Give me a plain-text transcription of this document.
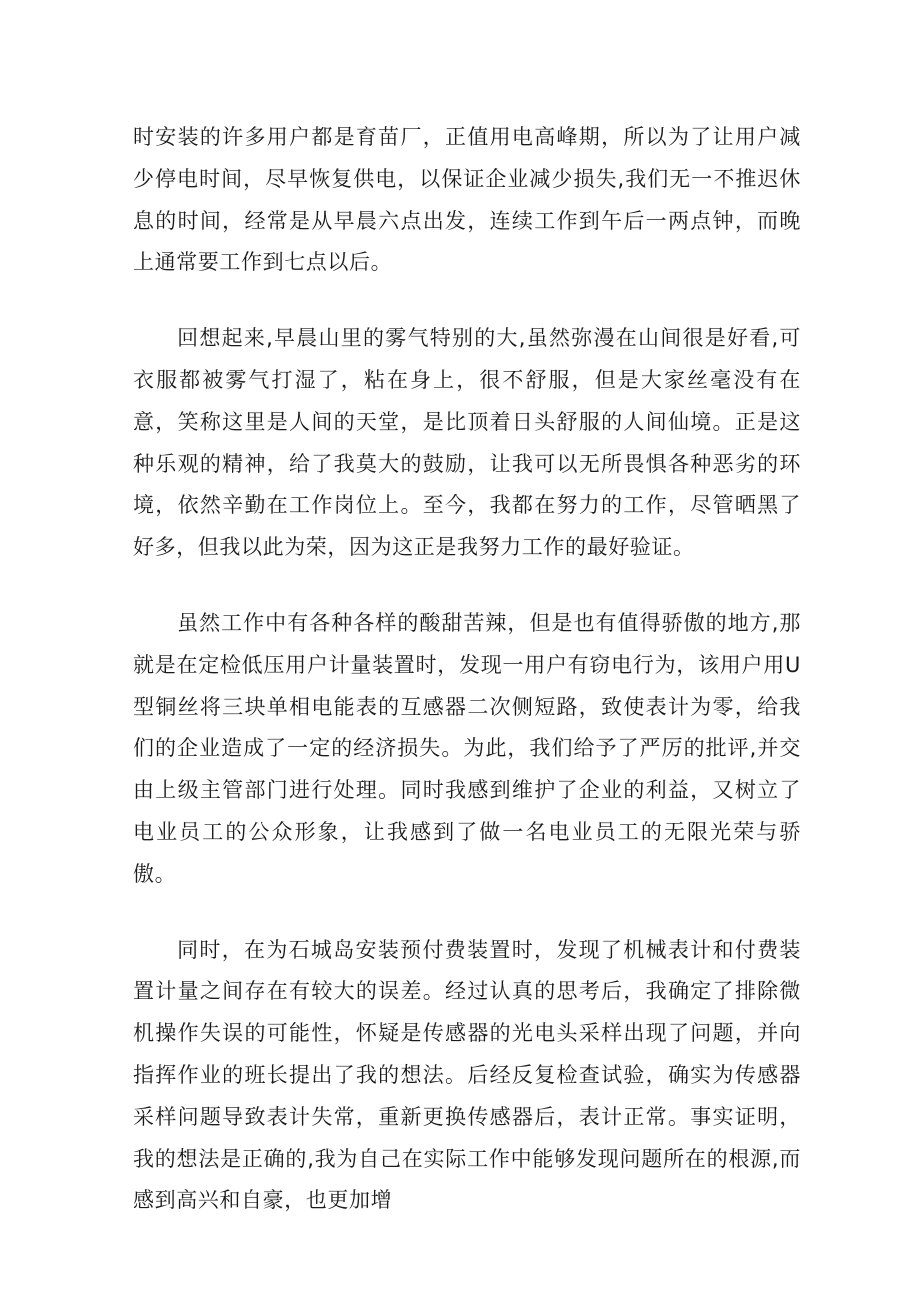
时安装的许多用户都是育苗厂，正值用电高峰期，所以为了让用户减少停电时间，尽早恢复供电，以保证企业减少损失,我们无一不推迟休息的时间，经常是从早晨六点出发，连续工作到午后一两点钟，而晚上通常要工作到七点以后。

回想起来,早晨山里的雾气特别的大,虽然弥漫在山间很是好看,可衣服都被雾气打湿了，粘在身上，很不舒服，但是大家丝毫没有在意，笑称这里是人间的天堂，是比顶着日头舒服的人间仙境。正是这种乐观的精神，给了我莫大的鼓励，让我可以无所畏惧各种恶劣的环境，依然辛勤在工作岗位上。至今，我都在努力的工作，尽管晒黑了好多，但我以此为荣，因为这正是我努力工作的最好验证。

虽然工作中有各种各样的酸甜苦辣，但是也有值得骄傲的地方,那就是在定检低压用户计量装置时，发现一用户有窃电行为，该用户用U型铜丝将三块单相电能表的互感器二次侧短路，致使表计为零，给我们的企业造成了一定的经济损失。为此，我们给予了严厉的批评,并交由上级主管部门进行处理。同时我感到维护了企业的利益，又树立了电业员工的公众形象，让我感到了做一名电业员工的无限光荣与骄傲。

同时，在为石城岛安装预付费装置时，发现了机械表计和付费装置计量之间存在有较大的误差。经过认真的思考后，我确定了排除微机操作失误的可能性，怀疑是传感器的光电头采样出现了问题，并向指挥作业的班长提出了我的想法。后经反复检查试验，确实为传感器采样问题导致表计失常，重新更换传感器后，表计正常。事实证明，我的想法是正确的,我为自己在实际工作中能够发现问题所在的根源,而感到高兴和自豪，也更加增
